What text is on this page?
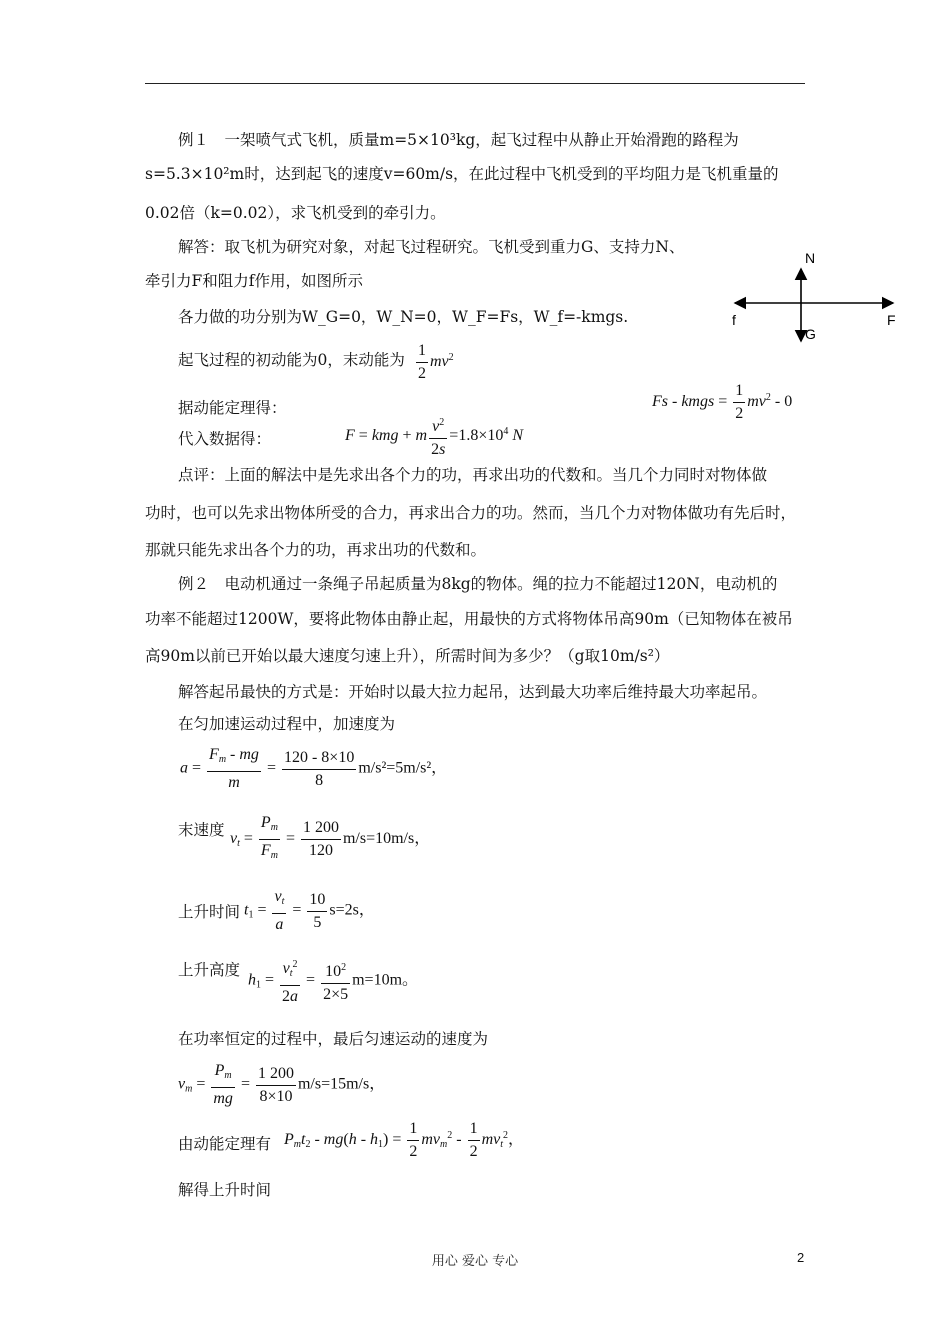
例１　一架喷气式飞机，质量m=5×10³kg，起飞过程中从静止开始滑跑的路程为
s=5.3×10²m时，达到起飞的速度v=60m/s，在此过程中飞机受到的平均阻力是飞机重量的
0.02倍（k=0.02），求飞机受到的牵引力。
解答：取飞机为研究对象，对起飞过程研究。飞机受到重力G、支持力N、
牵引力F和阻力f作用，如图所示
各力做的功分别为W_G=0，W_N=0，W_F=Fs，W_f=-kmgs.
起飞过程的初动能为0，末动能为 $\frac{1}{2} mv^2$
据动能定理得：	Fs - kmgs = $\frac{1}{2} mv^2 - 0$
代入数据得：	F = kmg + m $\frac{v^2}{2s} =1.8\times 10^4$ N
点评：上面的解法中是先求出各个力的功，再求出功的代数和。当几个力同时对物体做
功时，也可以先求出物体所受的合力，再求出合力的功。然而，当几个力对物体做功有先后时，
那就只能先求出各个力的功，再求出功的代数和。
N
G
f	F
例２　电动机通过一条绳子吊起质量为8kg的物体。绳的拉力不能超过120N，电动机的
功率不能超过1200W，要将此物体由静止起，用最快的方式将物体吊高90m（已知物体在被吊
高90m以前已开始以最大速度匀速上升），所需时间为多少？（g取10m/s²）
解答起吊最快的方式是：开始时以最大拉力起吊，达到最大功率后维持最大功率起吊。
在匀加速运动过程中，加速度为
$a = \frac{F_m - mg}{m} = \frac{120 - 8\times 10}{8} m/s^2=5m/s^2$，
末速度 $v_t = \frac{P_m}{F_m} = \frac{1 200}{120} m/s=10m/s$，
上升时间 $t_1 = \frac{v_t}{a} = \frac{10}{5} s=2s$，
上升高度
$h_1 = \frac{v_t^2}{2a} = \frac{10^2}{2\times 5} m=10m$。
在功率恒定的过程中，最后匀速运动的速度为
$v_m = \frac{P_m}{mg} = \frac{1 200}{8\times 10} m/s=15m/s$，
由动能定理有 $P_mt_2 - mg(h - h_1) = \frac{1}{2} mv_m^2 - \frac{1}{2} mv_t^2$，
解得上升时间
用心 爱心 专心	2
